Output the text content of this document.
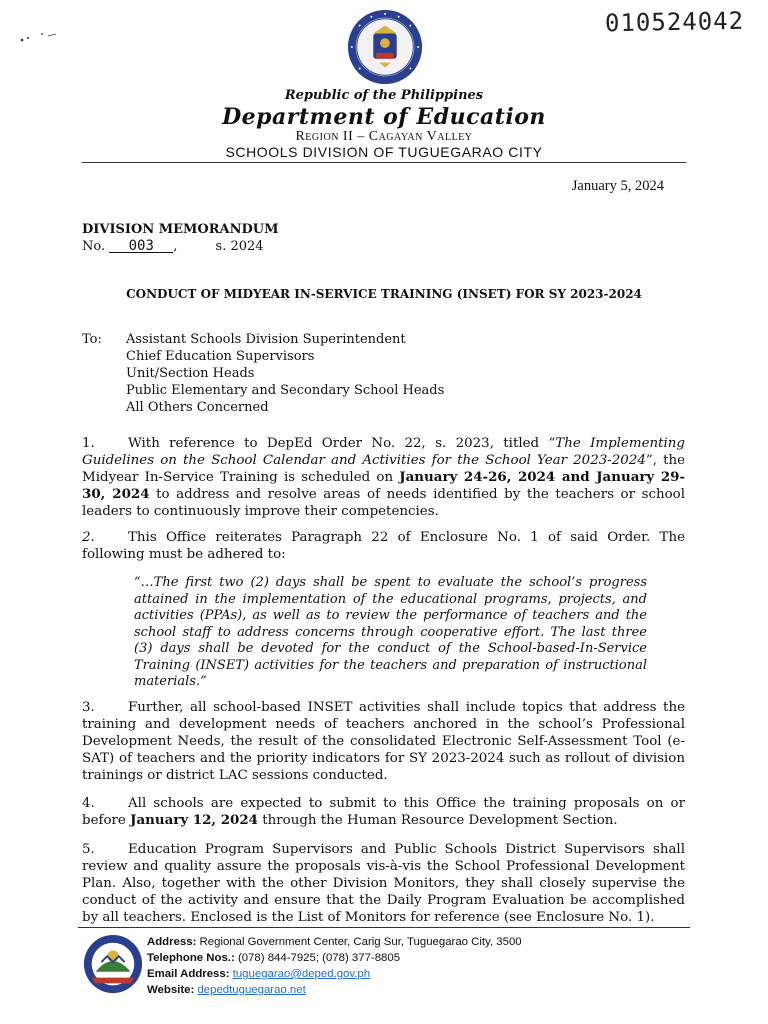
010524042
Republic of the Philippines
Department of Education
Region II – Cagayan Valley
SCHOOLS DIVISION OF TUGUEGARAO CITY
January 5, 2024
DIVISION MEMORANDUM
No. 003 ,	s. 2024
CONDUCT OF MIDYEAR IN-SERVICE TRAINING (INSET) FOR SY 2023-2024
To: Assistant Schools Division Superintendent
Chief Education Supervisors
Unit/Section Heads
Public Elementary and Secondary School Heads
All Others Concerned
1. With reference to DepEd Order No. 22, s. 2023, titled “The Implementing Guidelines on the School Calendar and Activities for the School Year 2023-2024”, the Midyear In-Service Training is scheduled on January 24-26, 2024 and January 29-30, 2024 to address and resolve areas of needs identified by the teachers or school leaders to continuously improve their competencies.
2. This Office reiterates Paragraph 22 of Enclosure No. 1 of said Order. The following must be adhered to:
“…The first two (2) days shall be spent to evaluate the school’s progress attained in the implementation of the educational programs, projects, and activities (PPAs), as well as to review the performance of teachers and the school staff to address concerns through cooperative effort. The last three (3) days shall be devoted for the conduct of the School-based-In-Service Training (INSET) activities for the teachers and preparation of instructional materials.”
3. Further, all school-based INSET activities shall include topics that address the training and development needs of teachers anchored in the school’s Professional Development Needs, the result of the consolidated Electronic Self-Assessment Tool (e-SAT) of teachers and the priority indicators for SY 2023-2024 such as rollout of division trainings or district LAC sessions conducted.
4. All schools are expected to submit to this Office the training proposals on or before January 12, 2024 through the Human Resource Development Section.
5. Education Program Supervisors and Public Schools District Supervisors shall review and quality assure the proposals vis-à-vis the School Professional Development Plan. Also, together with the other Division Monitors, they shall closely supervise the conduct of the activity and ensure that the Daily Program Evaluation be accomplished by all teachers. Enclosed is the List of Monitors for reference (see Enclosure No. 1).
Address: Regional Government Center, Carig Sur, Tuguegarao City, 3500
Telephone Nos.: (078) 844-7925; (078) 377-8805
Email Address: tuguegarao@deped.gov.ph
Website: depedtuguegarao.net
